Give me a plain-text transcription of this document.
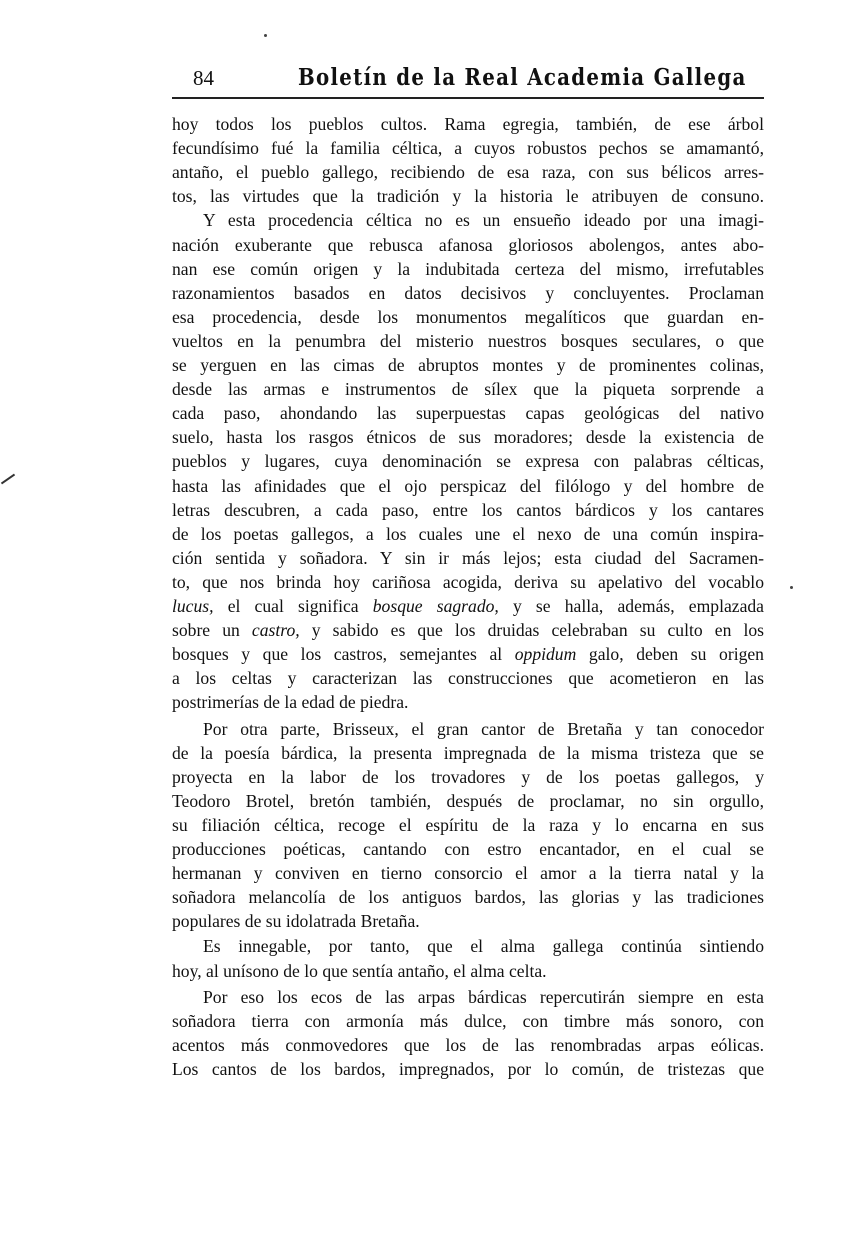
84	Boletín de la Real Academia Gallega
hoy todos los pueblos cultos. Rama egregia, también, de ese árbol
fecundísimo fué la familia céltica, a cuyos robustos pechos se amamantó,
antaño, el pueblo gallego, recibiendo de esa raza, con sus bélicos arres-
tos, las virtudes que la tradición y la historia le atribuyen de consuno.
Y esta procedencia céltica no es un ensueño ideado por una imagi-
nación exuberante que rebusca afanosa gloriosos abolengos, antes abo-
nan ese común origen y la indubitada certeza del mismo, irrefutables
razonamientos basados en datos decisivos y concluyentes. Proclaman
esa procedencia, desde los monumentos megalíticos que guardan en-
vueltos en la penumbra del misterio nuestros bosques seculares, o que
se yerguen en las cimas de abruptos montes y de prominentes colinas,
desde las armas e instrumentos de sílex que la piqueta sorprende a
cada paso, ahondando las superpuestas capas geológicas del nativo
suelo, hasta los rasgos étnicos de sus moradores; desde la existencia de
pueblos y lugares, cuya denominación se expresa con palabras célticas,
hasta las afinidades que el ojo perspicaz del filólogo y del hombre de
letras descubren, a cada paso, entre los cantos bárdicos y los cantares
de los poetas gallegos, a los cuales une el nexo de una común inspira-
ción sentida y soñadora. Y sin ir más lejos; esta ciudad del Sacramen-
to, que nos brinda hoy cariñosa acogida, deriva su apelativo del vocablo
lucus, el cual significa bosque sagrado, y se halla, además, emplazada
sobre un castro, y sabido es que los druidas celebraban su culto en los
bosques y que los castros, semejantes al oppidum galo, deben su origen
a los celtas y caracterizan las construcciones que acometieron en las
postrimerías de la edad de piedra.
Por otra parte, Brisseux, el gran cantor de Bretaña y tan conocedor
de la poesía bárdica, la presenta impregnada de la misma tristeza que se
proyecta en la labor de los trovadores y de los poetas gallegos, y
Teodoro Brotel, bretón también, después de proclamar, no sin orgullo,
su filiación céltica, recoge el espíritu de la raza y lo encarna en sus
producciones poéticas, cantando con estro encantador, en el cual se
hermanan y conviven en tierno consorcio el amor a la tierra natal y la
soñadora melancolía de los antiguos bardos, las glorias y las tradiciones
populares de su idolatrada Bretaña.
Es innegable, por tanto, que el alma gallega continúa sintiendo
hoy, al unísono de lo que sentía antaño, el alma celta.
Por eso los ecos de las arpas bárdicas repercutirán siempre en esta
soñadora tierra con armonía más dulce, con timbre más sonoro, con
acentos más conmovedores que los de las renombradas arpas eólicas.
Los cantos de los bardos, impregnados, por lo común, de tristezas que
